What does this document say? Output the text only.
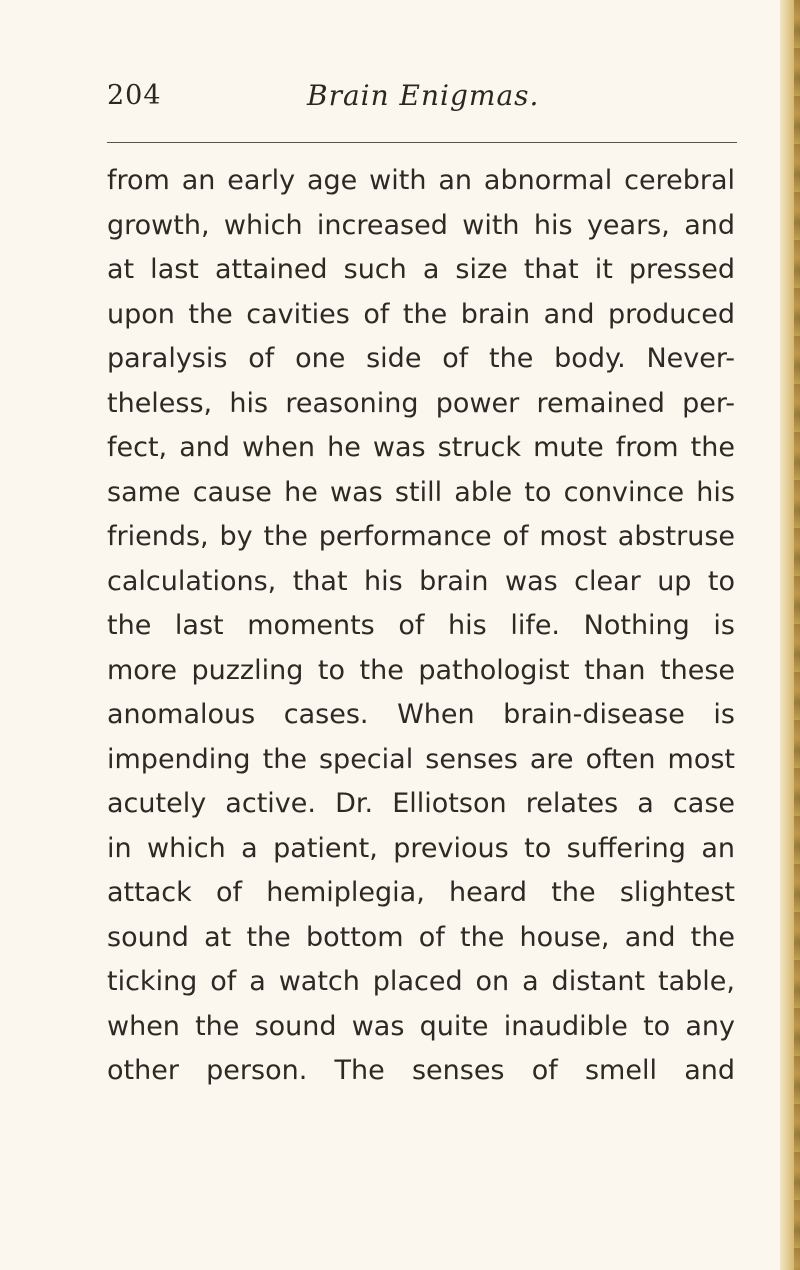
204	Brain Enigmas.
from an early age with an abnormal cerebral
growth, which increased with his years, and
at last attained such a size that it pressed
upon the cavities of the brain and produced
paralysis of one side of the body. Never-
theless, his reasoning power remained per-
fect, and when he was struck mute from the
same cause he was still able to convince his
friends, by the performance of most abstruse
calculations, that his brain was clear up to
the last moments of his life. Nothing is
more puzzling to the pathologist than these
anomalous cases. When brain-disease is
impending the special senses are often most
acutely active. Dr. Elliotson relates a case
in which a patient, previous to suffering an
attack of hemiplegia, heard the slightest
sound at the bottom of the house, and the
ticking of a watch placed on a distant table,
when the sound was quite inaudible to any
other person. The senses of smell and
